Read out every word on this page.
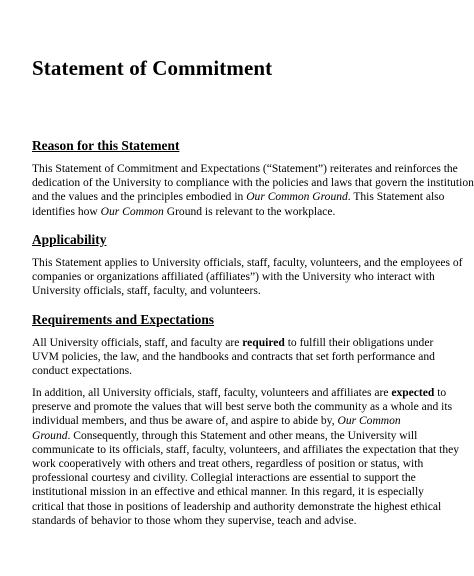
Statement of Commitment
Reason for this Statement

This Statement of Commitment and Expectations (“Statement”) reiterates and reinforces the
dedication of the University to compliance with the policies and laws that govern the institution
and the values and the principles embodied in Our Common Ground. This Statement also
identifies how Our Common Ground is relevant to the workplace.

Applicability

This Statement applies to University officials, staff, faculty, volunteers, and the employees of
companies or organizations affiliated (affiliates”) with the University who interact with
University officials, staff, faculty, and volunteers.

Requirements and Expectations

All University officials, staff, and faculty are required to fulfill their obligations under
UVM policies, the law, and the handbooks and contracts that set forth performance and
conduct expectations.

In addition, all University officials, staff, faculty, volunteers and affiliates are expected to
preserve and promote the values that will best serve both the community as a whole and its
individual members, and thus be aware of, and aspire to abide by, Our Common
Ground. Consequently, through this Statement and other means, the University will
communicate to its officials, staff, faculty, volunteers, and affiliates the expectation that they
work cooperatively with others and treat others, regardless of position or status, with
professional courtesy and civility. Collegial interactions are essential to support the
institutional mission in an effective and ethical manner. In this regard, it is especially
critical that those in positions of leadership and authority demonstrate the highest ethical
standards of behavior to those whom they supervise, teach and advise.
